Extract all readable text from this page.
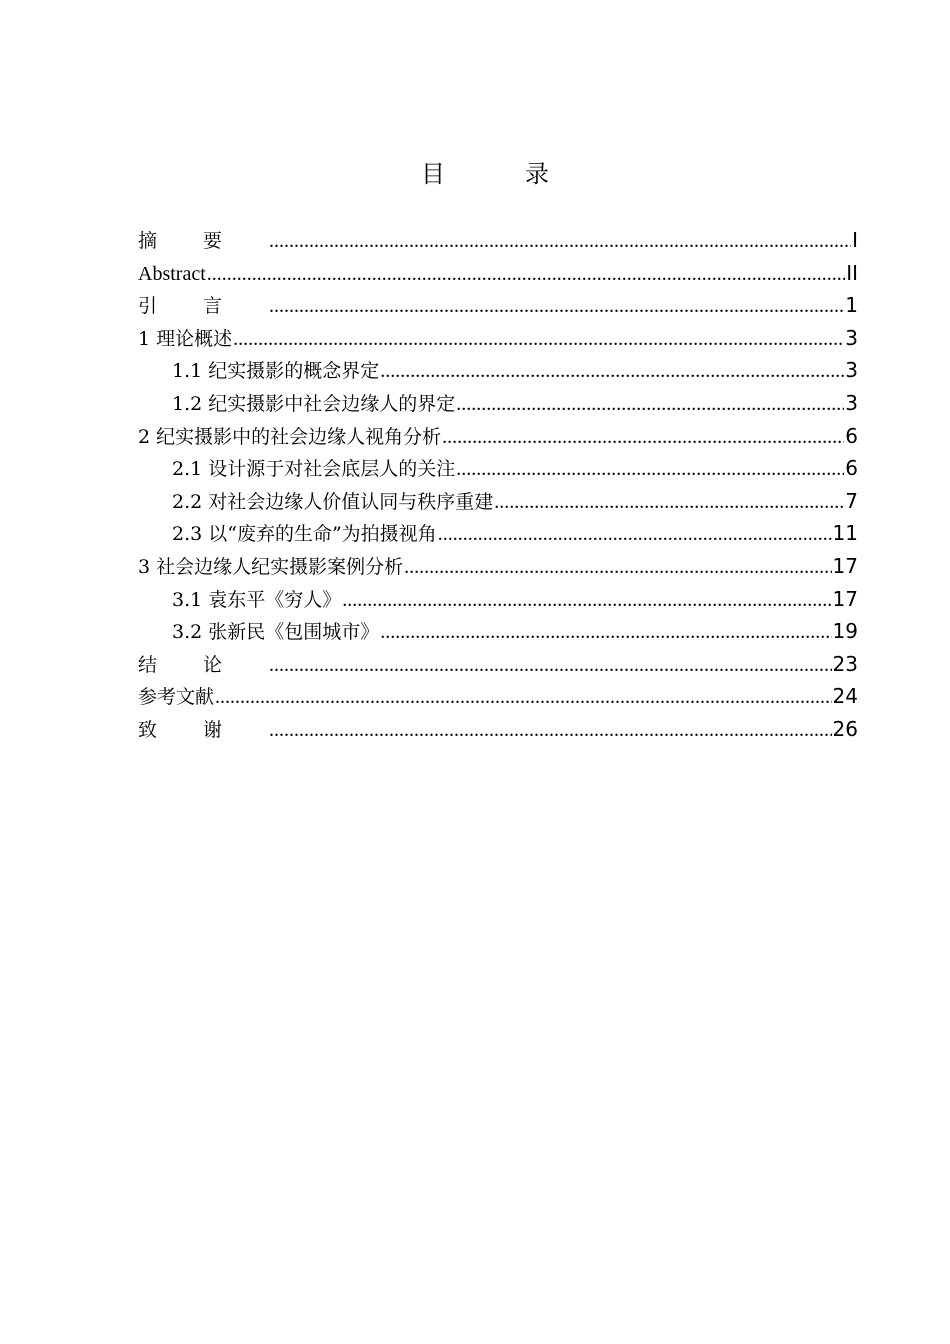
目　录
摘要 .....	I
Abstract .....	II
引言 .....	1
1 理论概述 .....	3
1.1 纪实摄影的概念界定 .....	3
1.2 纪实摄影中社会边缘人的界定 .....	3
2 纪实摄影中的社会边缘人视角分析 .....	6
2.1 设计源于对社会底层人的关注 .....	6
2.2 对社会边缘人价值认同与秩序重建 .....	7
2.3 以“废弃的生命”为拍摄视角 .....	11
3 社会边缘人纪实摄影案例分析 .....	17
3.1 袁东平《穷人》 .....	17
3.2 张新民《包围城市》 .....	19
结论 .....	23
参考文献 .....	24
致谢 .....	26
